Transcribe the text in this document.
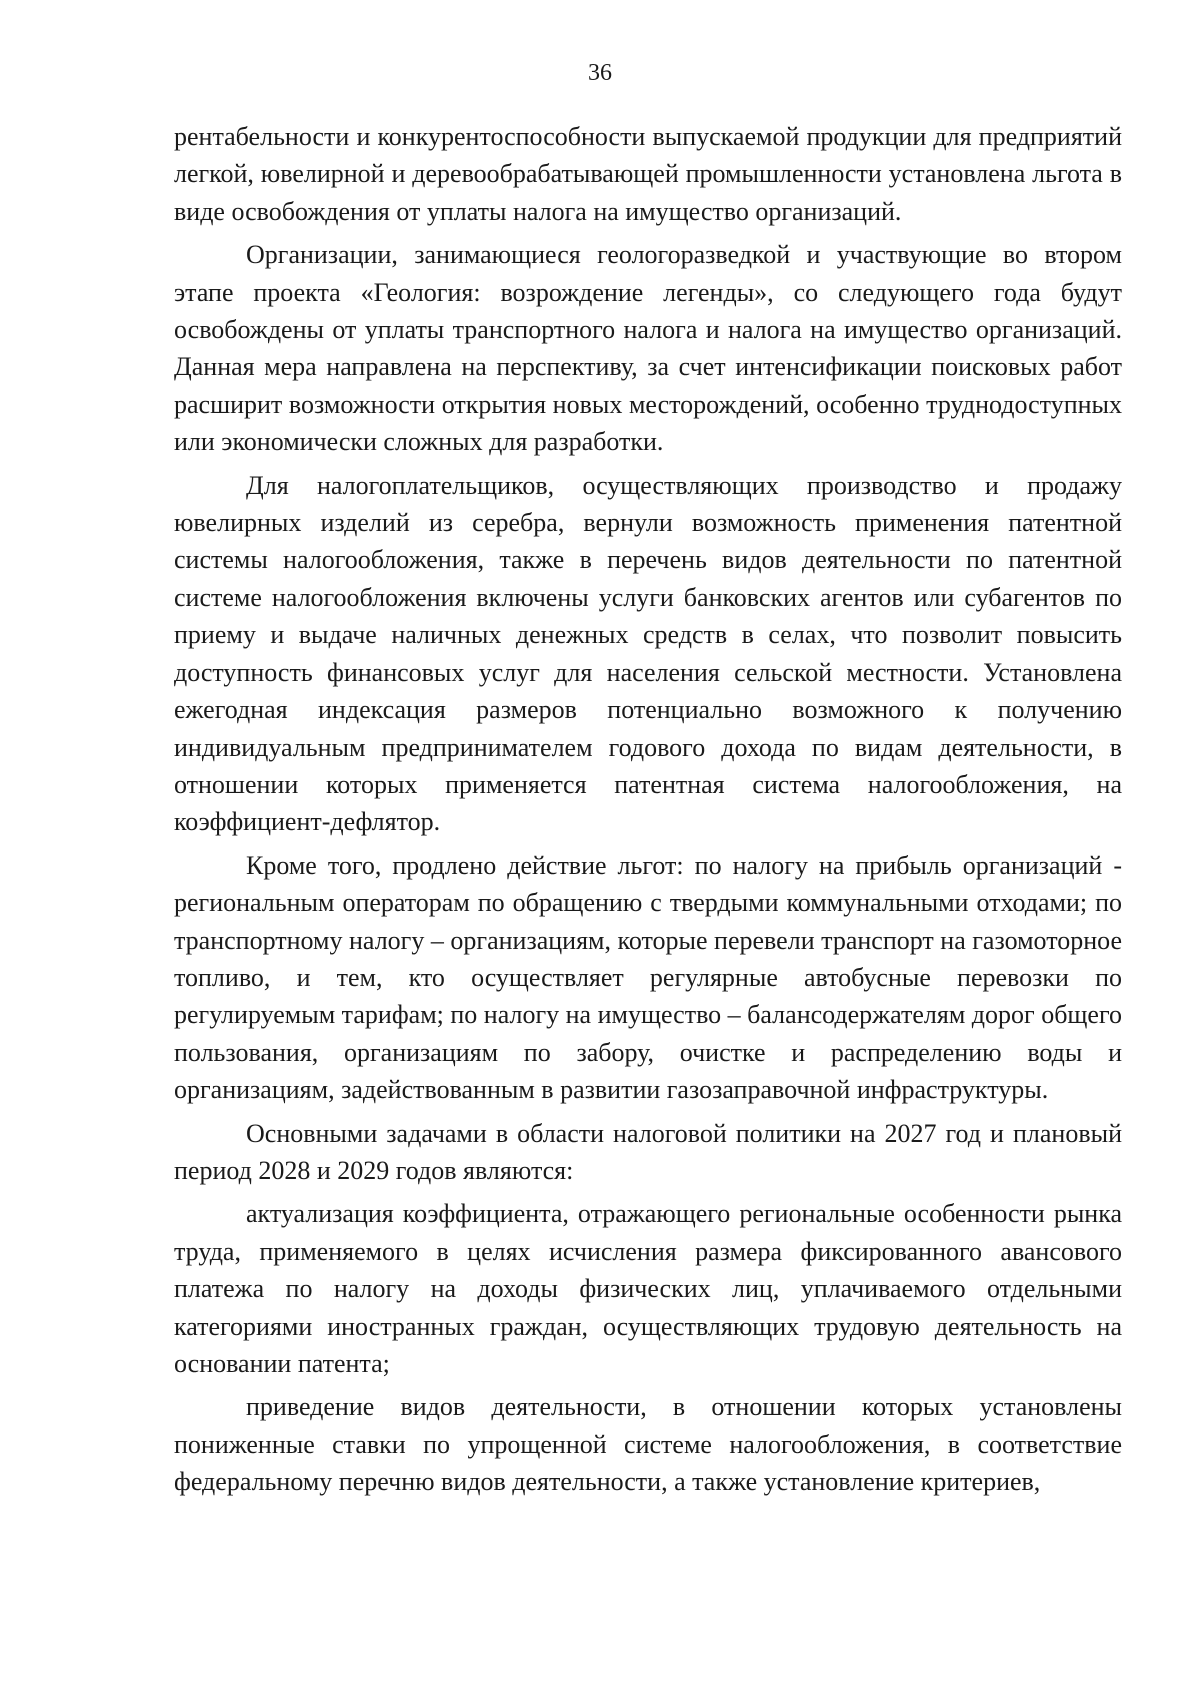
36

рентабельности и конкурентоспособности выпускаемой продукции для предприятий легкой, ювелирной и деревообрабатывающей промышленности установлена льгота в виде освобождения от уплаты налога на имущество организаций.

Организации, занимающиеся геологоразведкой и участвующие во втором этапе проекта «Геология: возрождение легенды», со следующего года будут освобождены от уплаты транспортного налога и налога на имущество организаций. Данная мера направлена на перспективу, за счет интенсификации поисковых работ расширит возможности открытия новых месторождений, особенно труднодоступных или экономически сложных для разработки.

Для налогоплательщиков, осуществляющих производство и продажу ювелирных изделий из серебра, вернули возможность применения патентной системы налогообложения, также в перечень видов деятельности по патентной системе налогообложения включены услуги банковских агентов или субагентов по приему и выдаче наличных денежных средств в селах, что позволит повысить доступность финансовых услуг для населения сельской местности. Установлена ежегодная индексация размеров потенциально возможного к получению индивидуальным предпринимателем годового дохода по видам деятельности, в отношении которых применяется патентная система налогообложения, на коэффициент-дефлятор.

Кроме того, продлено действие льгот: по налогу на прибыль организаций - региональным операторам по обращению с твердыми коммунальными отходами; по транспортному налогу – организациям, которые перевели транспорт на газомоторное топливо, и тем, кто осуществляет регулярные автобусные перевозки по регулируемым тарифам; по налогу на имущество – балансодержателям дорог общего пользования, организациям по забору, очистке и распределению воды и организациям, задействованным в развитии газозаправочной инфраструктуры.

Основными задачами в области налоговой политики на 2027 год и плановый период 2028 и 2029 годов являются:

актуализация коэффициента, отражающего региональные особенности рынка труда, применяемого в целях исчисления размера фиксированного авансового платежа по налогу на доходы физических лиц, уплачиваемого отдельными категориями иностранных граждан, осуществляющих трудовую деятельность на основании патента;

приведение видов деятельности, в отношении которых установлены пониженные ставки по упрощенной системе налогообложения, в соответствие федеральному перечню видов деятельности, а также установление критериев,
